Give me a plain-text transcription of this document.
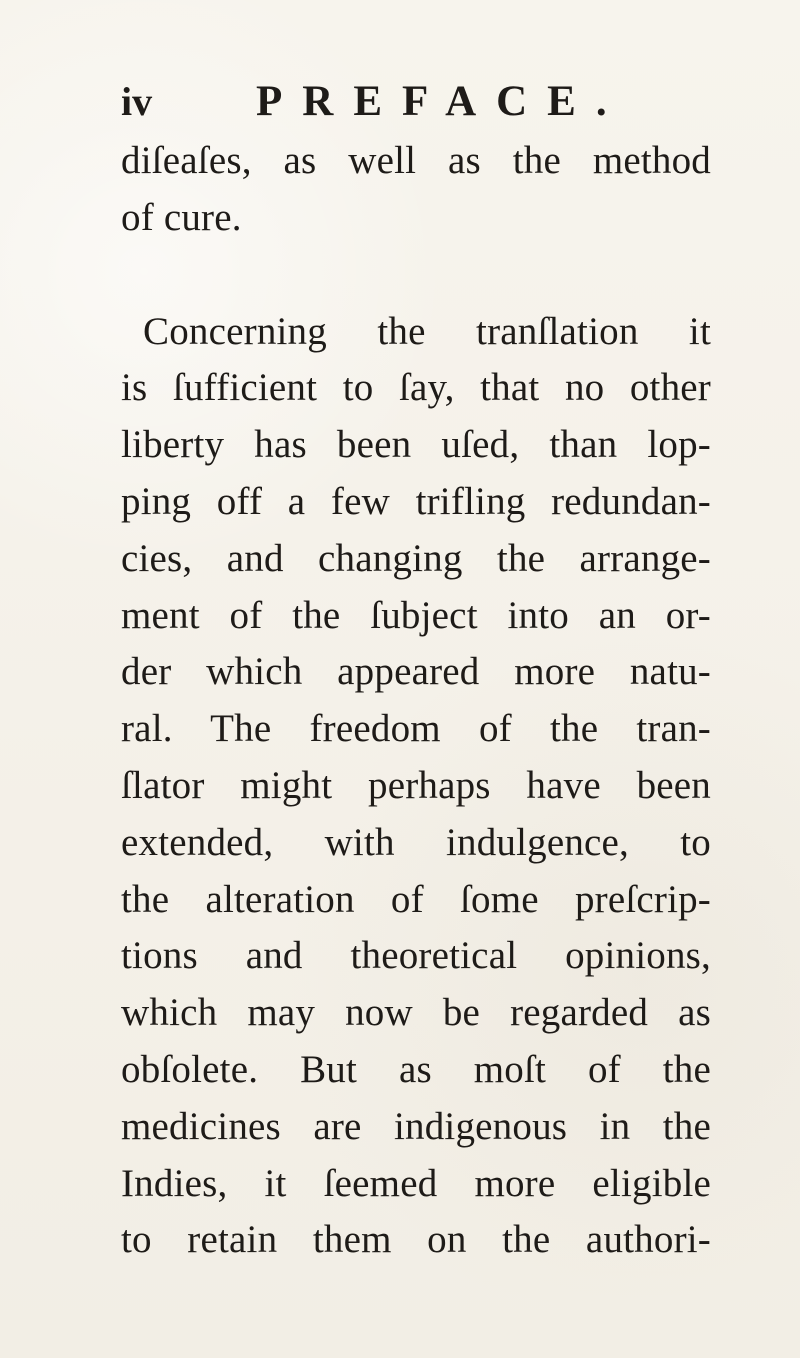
iv PREFACE.
diſeaſes, as well as the method
of cure.
Concerning the tranſlation it
is ſufficient to ſay, that no other
liberty has been uſed, than lop-
ping off a few trifling redundan-
cies, and changing the arrange-
ment of the ſubject into an or-
der which appeared more natu-
ral. The freedom of the tran-
ſlator might perhaps have been
extended, with indulgence, to
the alteration of ſome preſcrip-
tions and theoretical opinions,
which may now be regarded as
obſolete. But as moſt of the
medicines are indigenous in the
Indies, it ſeemed more eligible
to retain them on the authori-
